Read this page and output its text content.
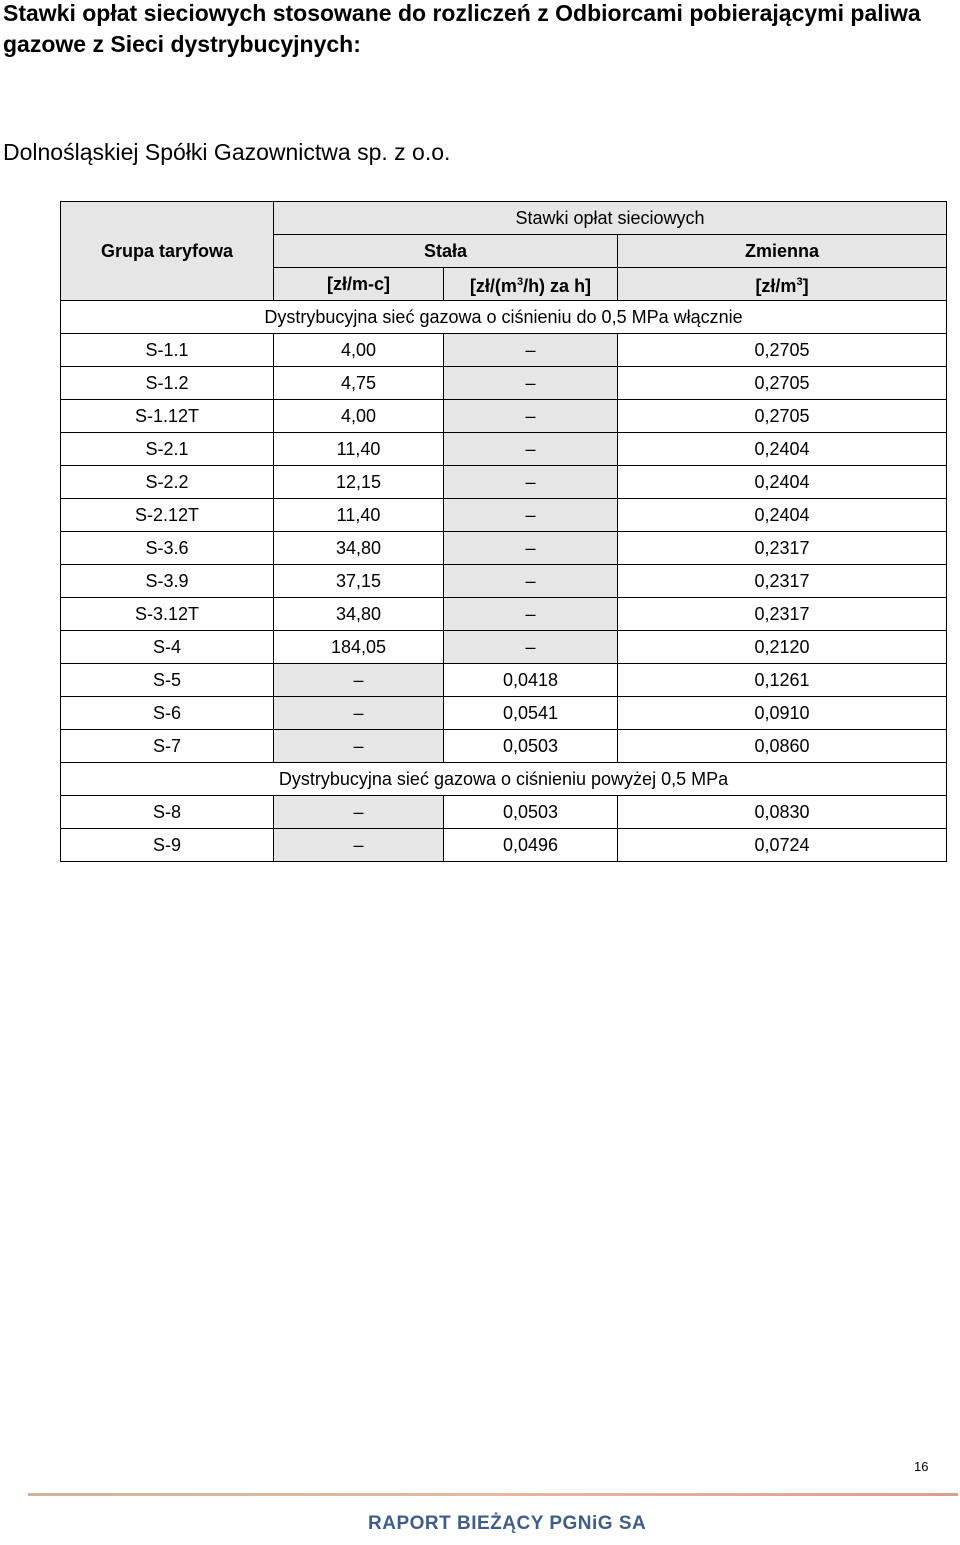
Stawki opłat sieciowych stosowane do rozliczeń z Odbiorcami pobierającymi paliwa gazowe z Sieci dystrybucyjnych:

Dolnośląskiej Spółki Gazownictwa sp. z o.o.

Grupa taryfowa	Stawki opłat sieciowych		
	Stała		Zmienna
	[zł/m-c]	[$zł/(m^3/h)$ za h]	$[zł/m^3]$
Dystrybucyjna sieć gazowa o ciśnieniu do 0,5 MPa włącznie			
S‑1.1	4,00	–	0,2705
S‑1.2	4,75	–	0,2705
S‑1.12T	4,00	–	0,2705
S‑2.1	11,40	–	0,2404
S‑2.2	12,15	–	0,2404
S‑2.12T	11,40	–	0,2404
S‑3.6	34,80	–	0,2317
S‑3.9	37,15	–	0,2317
S‑3.12T	34,80	–	0,2317
S‑4	184,05	–	0,2120
S‑5	–	0,0418	0,1261
S‑6	–	0,0541	0,0910
S‑7	–	0,0503	0,0860
Dystrybucyjna sieć gazowa o ciśnieniu powyżej 0,5 MPa			
S‑8	–	0,0503	0,0830
S‑9	–	0,0496	0,0724
16
RAPORT BIEŻĄCY PGNiG SA
